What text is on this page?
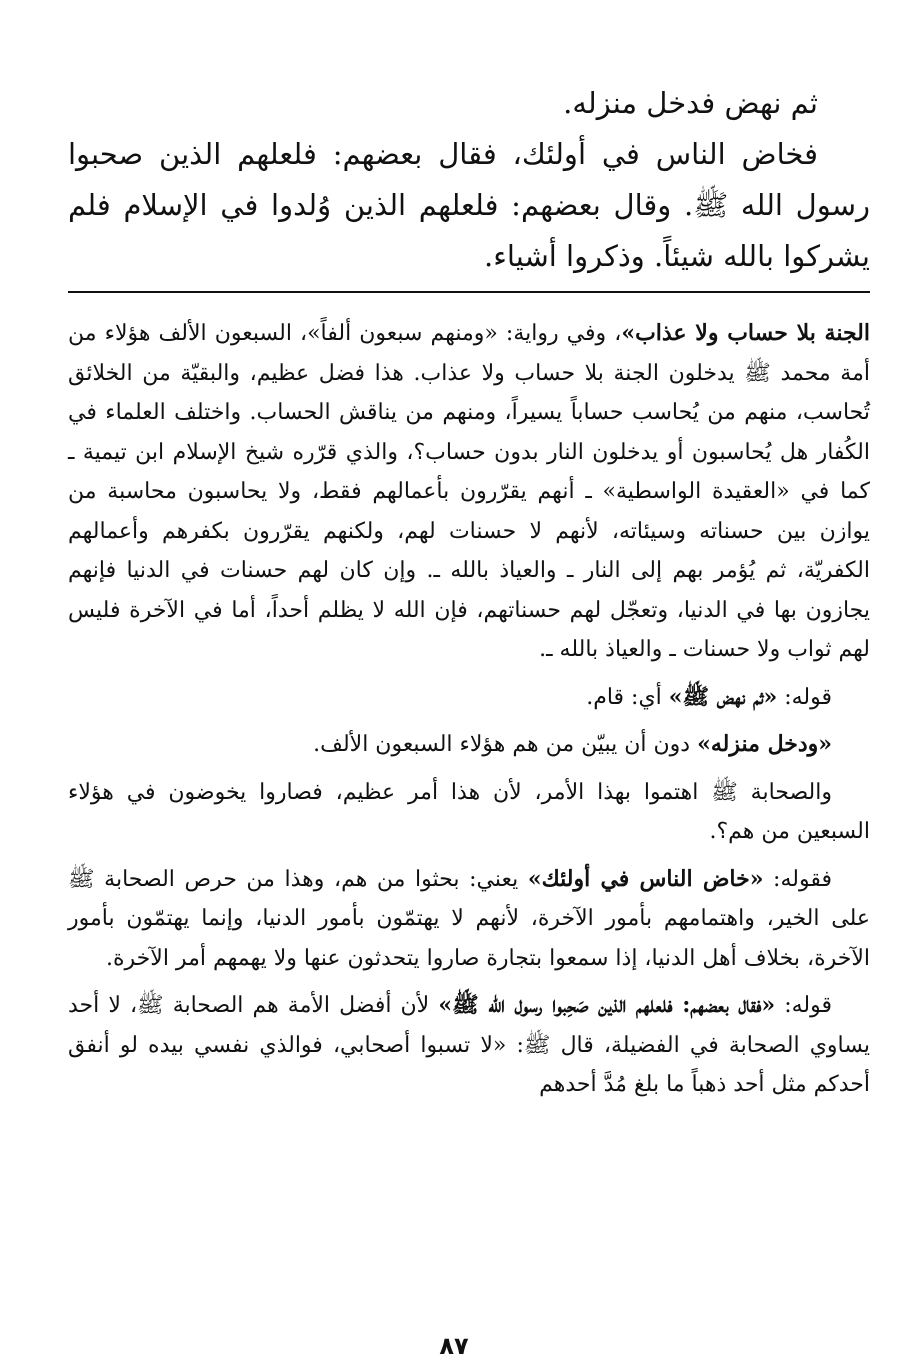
ثم نهض فدخل منزله.

فخاض الناس في أولئك، فقال بعضهم: فلعلهم الذين صحبوا رسول الله ﷺ. وقال بعضهم: فلعلهم الذين وُلدوا في الإسلام فلم يشركوا بالله شيئاً. وذكروا أشياء.

الجنة بلا حساب ولا عذاب»، وفي رواية: «ومنهم سبعون ألفاً»، السبعون الألف هؤلاء من أمة محمد ﷺ يدخلون الجنة بلا حساب ولا عذاب. هذا فضل عظيم، والبقيّة من الخلائق تُحاسب، منهم من يُحاسب حساباً يسيراً، ومنهم من يناقش الحساب. واختلف العلماء في الكُفار هل يُحاسبون أو يدخلون النار بدون حساب؟، والذي قرّره شيخ الإسلام ابن تيمية ـ كما في «العقيدة الواسطية» ـ أنهم يقرّرون بأعمالهم فقط، ولا يحاسبون محاسبة من يوازن بين حسناته وسيئاته، لأنهم لا حسنات لهم، ولكنهم يقرّرون بكفرهم وأعمالهم الكفريّة، ثم يُؤمر بهم إلى النار ـ والعياذ بالله ـ. وإن كان لهم حسنات في الدنيا فإنهم يجازون بها في الدنيا، وتعجّل لهم حسناتهم، فإن الله لا يظلم أحداً، أما في الآخرة فليس لهم ثواب ولا حسنات ـ والعياذ بالله ـ.

قوله: «ثم نهض ﷺ» أي: قام.

«ودخل منزله» دون أن يبيّن من هم هؤلاء السبعون الألف.

والصحابة ﷺ اهتموا بهذا الأمر، لأن هذا أمر عظيم، فصاروا يخوضون في هؤلاء السبعين من هم؟.

فقوله: «خاض الناس في أولئك» يعني: بحثوا من هم، وهذا من حرص الصحابة ﷺ على الخير، واهتمامهم بأمور الآخرة، لأنهم لا يهتمّون بأمور الدنيا، وإنما يهتمّون بأمور الآخرة، بخلاف أهل الدنيا، إذا سمعوا بتجارة صاروا يتحدثون عنها ولا يهمهم أمر الآخرة.

قوله: «فقال بعضهم: فلعلهم الذين صَحِبوا رسول الله ﷺ» لأن أفضل الأمة هم الصحابة ﷺ، لا أحد يساوي الصحابة في الفضيلة، قال ﷺ: «لا تسبوا أصحابي، فوالذي نفسي بيده لو أنفق أحدكم مثل أحد ذهباً ما بلغ مُدَّ أحدهم

٨٧
